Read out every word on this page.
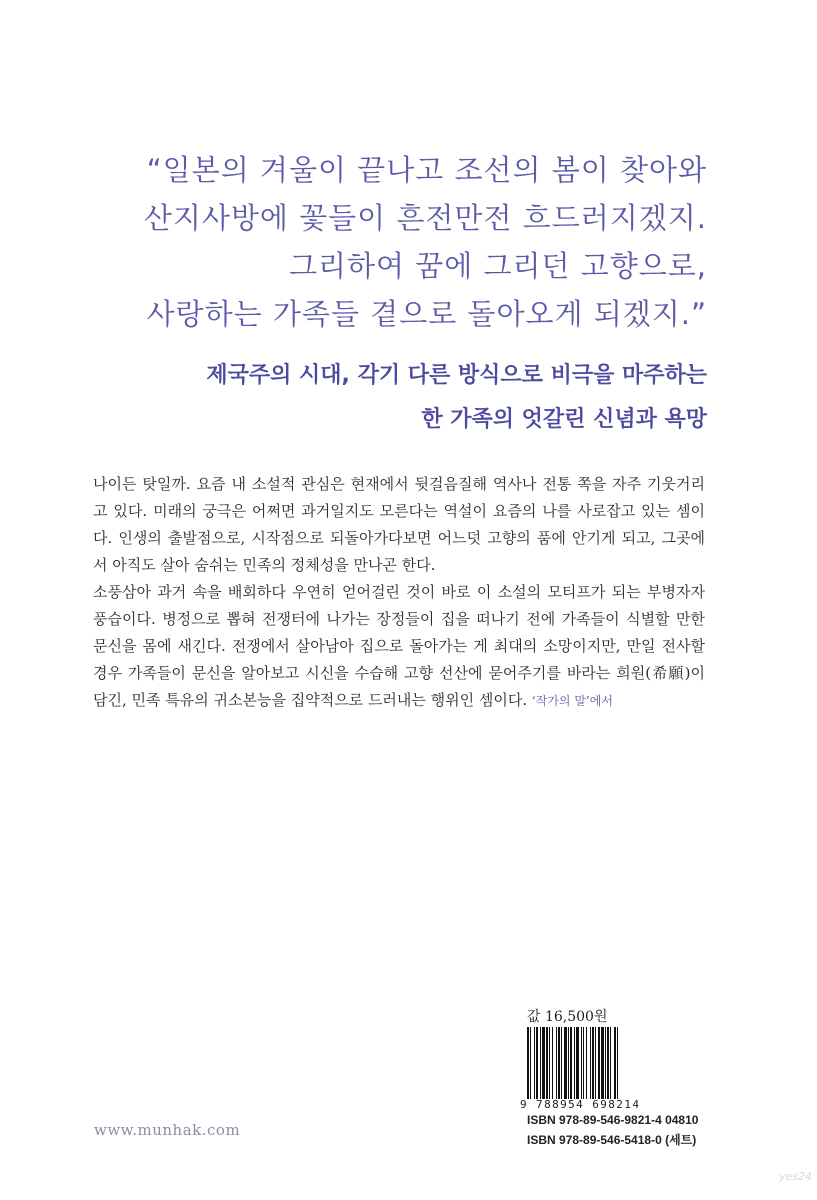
“일본의 겨울이 끝나고 조선의 봄이 찾아와
산지사방에 꽃들이 흔전만전 흐드러지겠지.
그리하여 꿈에 그리던 고향으로,
사랑하는 가족들 곁으로 돌아오게 되겠지.”
제국주의 시대, 각기 다른 방식으로 비극을 마주하는
한 가족의 엇갈린 신념과 욕망

나이든 탓일까. 요즘 내 소설적 관심은 현재에서 뒷걸음질해 역사나 전통 쪽을 자주 기웃거리고 있다. 미래의 궁극은 어쩌면 과거일지도 모른다는 역설이 요즘의 나를 사로잡고 있는 셈이다. 인생의 출발점으로, 시작점으로 되돌아가다보면 어느덧 고향의 품에 안기게 되고, 그곳에서 아직도 살아 숨쉬는 민족의 정체성을 만나곤 한다.

소풍삼아 과거 속을 배회하다 우연히 얻어걸린 것이 바로 이 소설의 모티프가 되는 부병자자 풍습이다. 병정으로 뽑혀 전쟁터에 나가는 장정들이 집을 떠나기 전에 가족들이 식별할 만한 문신을 몸에 새긴다. 전쟁에서 살아남아 집으로 돌아가는 게 최대의 소망이지만, 만일 전사할 경우 가족들이 문신을 알아보고 시신을 수습해 고향 선산에 묻어주기를 바라는 희원(希願)이 담긴, 민족 특유의 귀소본능을 집약적으로 드러내는 행위인 셈이다. ‘작가의 말’에서

값 16,500원
9 788954 698214
ISBN 978-89-546-9821-4 04810
ISBN 978-89-546-5418-0 (세트)
www.munhak.com
yes24
